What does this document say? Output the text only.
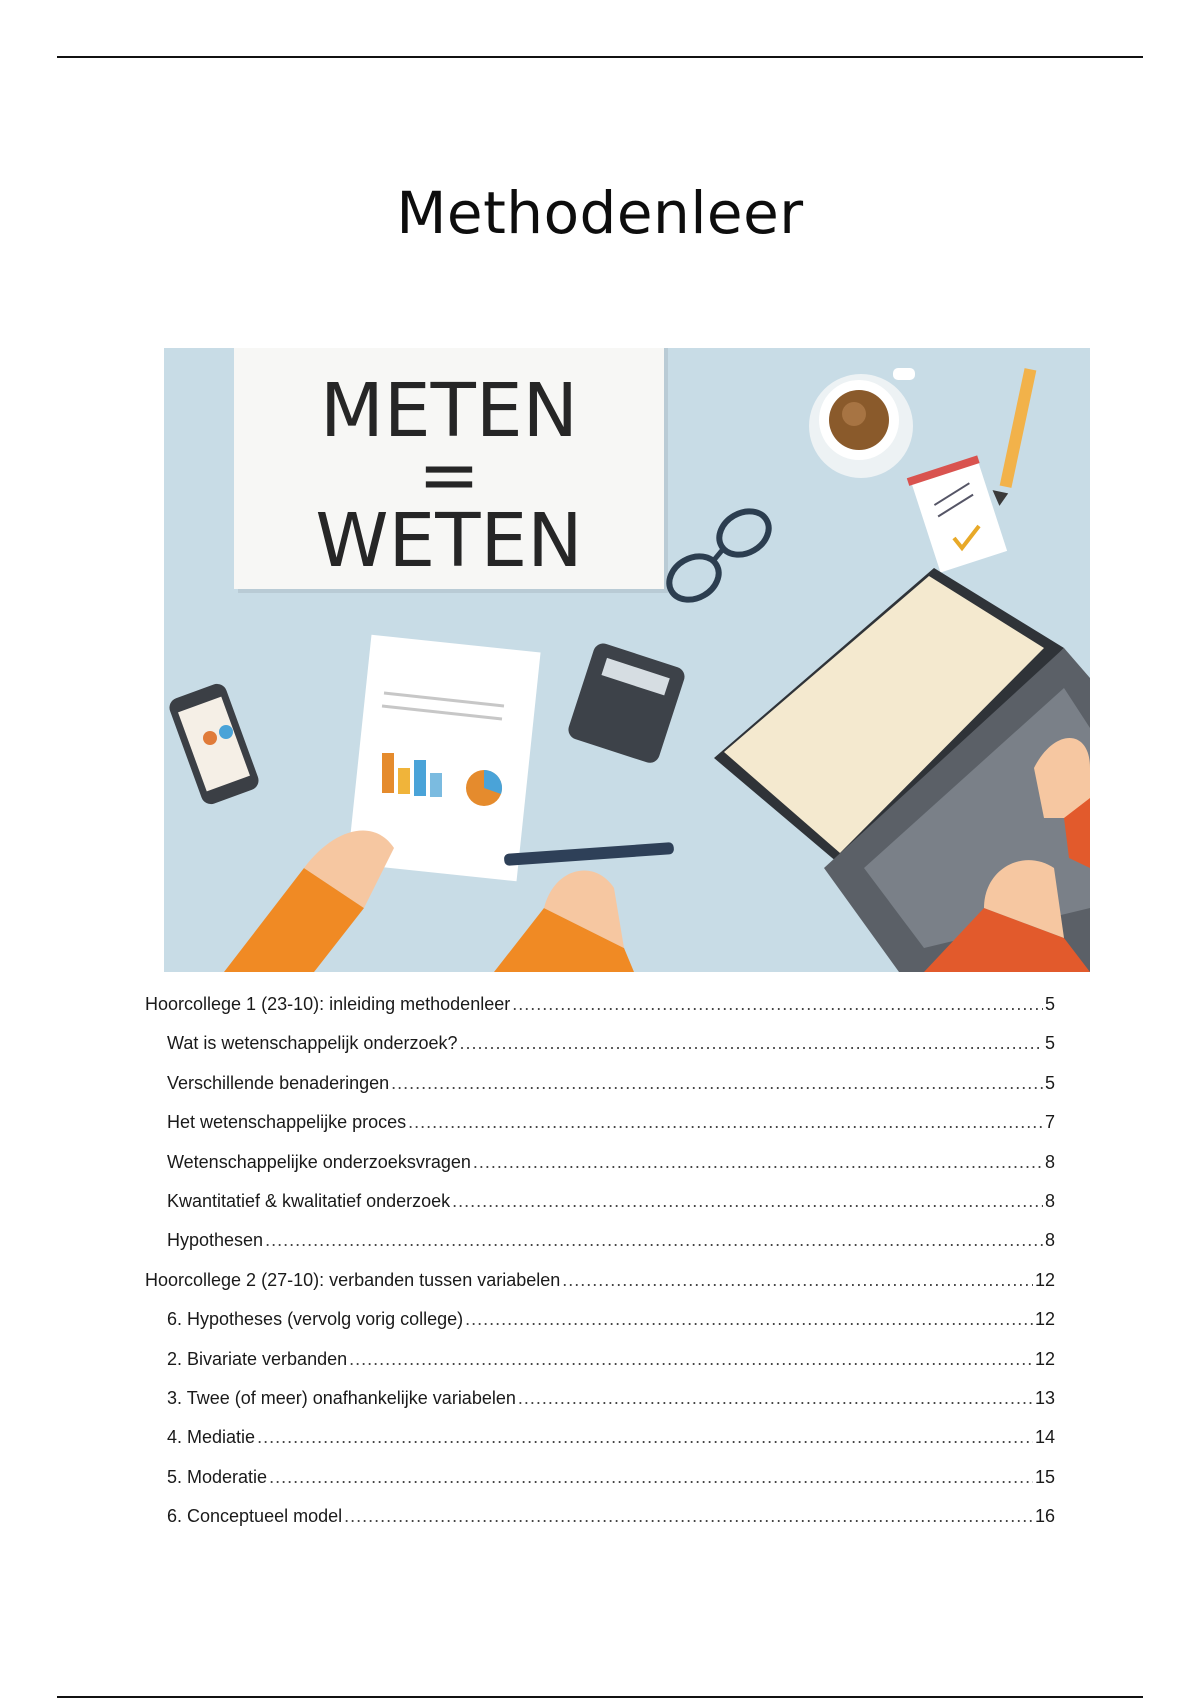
Methodenleer
METEN
=
WETEN
Hoorcollege 1 (23-10): inleiding methodenleer .....	5
Wat is wetenschappelijk onderzoek? .....	5
Verschillende benaderingen .....	5
Het wetenschappelijke proces .....	7
Wetenschappelijke onderzoeksvragen .....	8
Kwantitatief & kwalitatief onderzoek .....	8
Hypothesen .....	8
Hoorcollege 2 (27-10): verbanden tussen variabelen .....	12
6. Hypotheses (vervolg vorig college) .....	12
2. Bivariate verbanden .....	12
3. Twee (of meer) onafhankelijke variabelen .....	13
4. Mediatie .....	14
5. Moderatie .....	15
6. Conceptueel model .....	16
